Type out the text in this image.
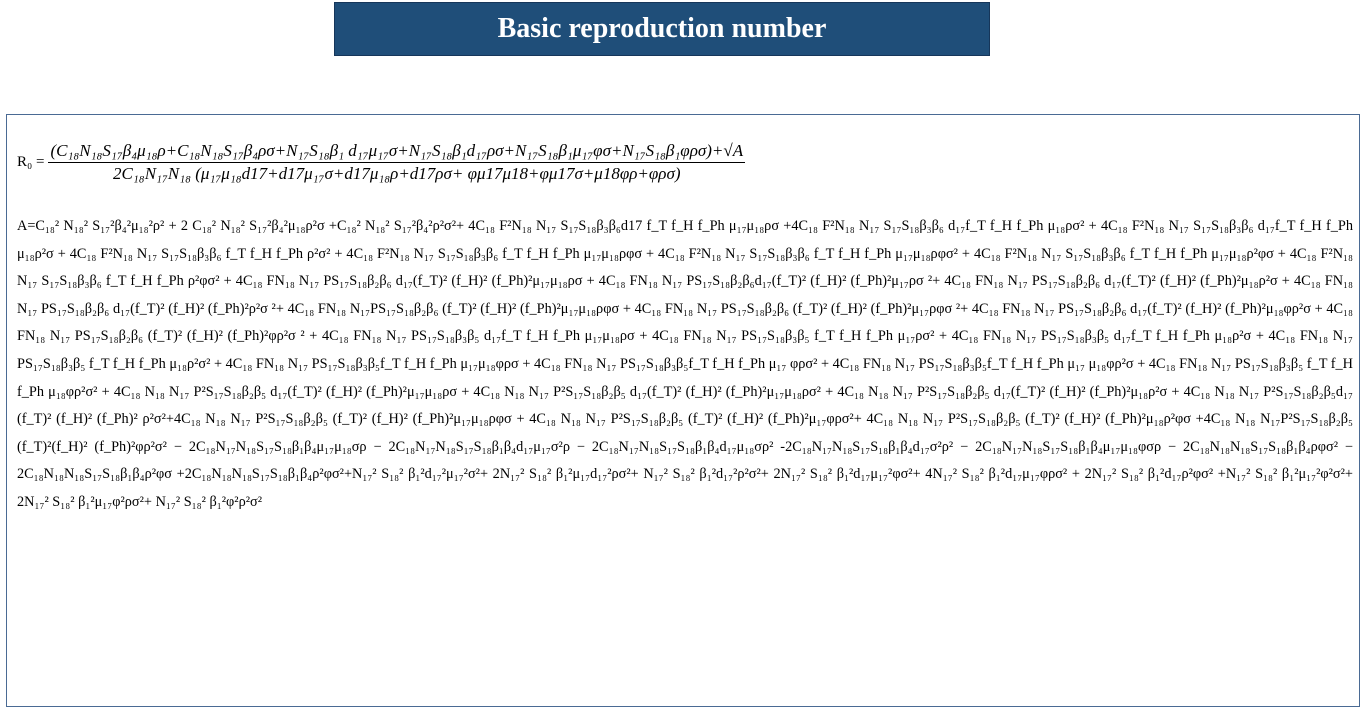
Basic reproduction number
R₀ =
(C₁₈N₁₈S₁₇β₄μ₁₈ρ+C₁₈N₁₈S₁₇β₄ρσ+N₁₇S₁₈β₁ d₁₇μ₁₇σ+N₁₇S₁₈β₁d₁₇ρσ+N₁₇S₁₈β₁μ₁₇φσ+N₁₇S₁₈β₁φρσ)+√A
2C₁₈N₁₇N₁₈ (μ₁₇μ₁₈d17+d17μ₁₇σ+d17μ₁₈ρ+d17ρσ+ φμ17μ18+φμ17σ+μ18φρ+φρσ)
A=C₁₈² N₁₈² S₁₇²β₄²μ₁₈²ρ² + 2 C₁₈² N₁₈² S₁₇²β₄²μ₁₈ρ²σ +C₁₈² N₁₈² S₁₇²β₄²ρ²σ²+ 4C₁₈ F²N₁₈ N₁₇ S₁₇S₁₈β₃β₆d17 f_T f_H f_Ph μ₁₇μ₁₈ρσ +4C₁₈ F²N₁₈ N₁₇ S₁₇S₁₈β₃β₆ d₁₇f_T f_H f_Ph μ₁₈ρσ² + 4C₁₈ F²N₁₈ N₁₇ S₁₇S₁₈β₃β₆ d₁₇f_T f_H f_Ph μ₁₈ρ²σ + 4C₁₈ F²N₁₈ N₁₇ S₁₇S₁₈β₃β₆ f_T f_H f_Ph ρ²σ² + 4C₁₈ F²N₁₈ N₁₇ S₁₇S₁₈β₃β₆ f_T f_H f_Ph μ₁₇μ₁₈ρφσ + 4C₁₈ F²N₁₈ N₁₇ S₁₇S₁₈β₃β₆ f_T f_H f_Ph μ₁₇μ₁₈ρφσ² + 4C₁₈ F²N₁₈ N₁₇ S₁₇S₁₈β₃β₆ f_T f_H f_Ph μ₁₇μ₁₈ρ²φσ + 4C₁₈ F²N₁₈ N₁₇ S₁₇S₁₈β₃β₆ f_T f_H f_Ph ρ²φσ² + 4C₁₈ FN₁₈ N₁₇ PS₁₇S₁₈β₂β₆ d₁₇(f_T)² (f_H)² (f_Ph)²μ₁₇μ₁₈ρσ + 4C₁₈ FN₁₈ N₁₇ PS₁₇S₁₈β₂β₆d₁₇(f_T)² (f_H)² (f_Ph)²μ₁₇ρσ ²+ 4C₁₈ FN₁₈ N₁₇ PS₁₇S₁₈β₂β₆ d₁₇(f_T)² (f_H)² (f_Ph)²μ₁₈ρ²σ + 4C₁₈ FN₁₈ N₁₇ PS₁₇S₁₈β₂β₆ d₁₇(f_T)² (f_H)² (f_Ph)²ρ²σ ²+ 4C₁₈ FN₁₈ N₁₇PS₁₇S₁₈β₂β₆ (f_T)² (f_H)² (f_Ph)²μ₁₇μ₁₈ρφσ + 4C₁₈ FN₁₈ N₁₇ PS₁₇S₁₈β₂β₆ (f_T)² (f_H)² (f_Ph)²μ₁₇ρφσ ²+ 4C₁₈ FN₁₈ N₁₇ PS₁₇S₁₈β₂β₆ d₁₇(f_T)² (f_H)² (f_Ph)²μ₁₈φρ²σ + 4C₁₈ FN₁₈ N₁₇ PS₁₇S₁₈β₂β₆ (f_T)² (f_H)² (f_Ph)²φρ²σ ² + 4C₁₈ FN₁₈ N₁₇ PS₁₇S₁₈β₃β₅ d₁₇f_T f_H f_Ph μ₁₇μ₁₈ρσ + 4C₁₈ FN₁₈ N₁₇ PS₁₇S₁₈β₃β₅ f_T f_H f_Ph μ₁₇ρσ² + 4C₁₈ FN₁₈ N₁₇ PS₁₇S₁₈β₃β₅ d₁₇f_T f_H f_Ph μ₁₈ρ²σ + 4C₁₈ FN₁₈ N₁₇ PS₁₇S₁₈β₃β₅ f_T f_H f_Ph μ₁₈ρ²σ² + 4C₁₈ FN₁₈ N₁₇ PS₁₇S₁₈β₃β₅f_T f_H f_Ph μ₁₇μ₁₈φρσ + 4C₁₈ FN₁₈ N₁₇ PS₁₇S₁₈β₃β₅f_T f_H f_Ph μ₁₇ φρσ² + 4C₁₈ FN₁₈ N₁₇ PS₁₇S₁₈β₃β₅f_T f_H f_Ph μ₁₇ μ₁₈φρ²σ + 4C₁₈ FN₁₈ N₁₇ PS₁₇S₁₈β₃β₅ f_T f_H f_Ph μ₁₈φρ²σ² + 4C₁₈ N₁₈ N₁₇ P²S₁₇S₁₈β₂β₅ d₁₇(f_T)² (f_H)² (f_Ph)²μ₁₇μ₁₈ρσ + 4C₁₈ N₁₈ N₁₇ P²S₁₇S₁₈β₂β₅ d₁₇(f_T)² (f_H)² (f_Ph)²μ₁₇μ₁₈ρσ² + 4C₁₈ N₁₈ N₁₇ P²S₁₇S₁₈β₂β₅ d₁₇(f_T)² (f_H)² (f_Ph)²μ₁₈ρ²σ + 4C₁₈ N₁₈ N₁₇ P²S₁₇S₁₈β₂β₅d₁₇ (f_T)² (f_H)² (f_Ph)² ρ²σ²+4C₁₈ N₁₈ N₁₇ P²S₁₇S₁₈β₂β₅ (f_T)² (f_H)² (f_Ph)²μ₁₇μ₁₈ρφσ + 4C₁₈ N₁₈ N₁₇ P²S₁₇S₁₈β₂β₅ (f_T)² (f_H)² (f_Ph)²μ₁₇φρσ²+ 4C₁₈ N₁₈ N₁₇ P²S₁₇S₁₈β₂β₅ (f_T)² (f_H)² (f_Ph)²μ₁₈ρ²φσ +4C₁₈ N₁₈ N₁₇P²S₁₇S₁₈β₂β₅ (f_T)²(f_H)² (f_Ph)²φρ²σ² − 2C₁₈N₁₇N₁₈S₁₇S₁₈β₁β₄μ₁₇μ₁₈σρ − 2C₁₈N₁₇N₁₈S₁₇S₁₈β₁β₄d₁₇μ₁₇σ²ρ − 2C₁₈N₁₇N₁₈S₁₇S₁₈β₁β₄d₁₇μ₁₈σρ² -2C₁₈N₁₇N₁₈S₁₇S₁₈β₁β₄d₁₇σ²ρ² − 2C₁₈N₁₇N₁₈S₁₇S₁₈β₁β₄μ₁₇μ₁₈φσρ − 2C₁₈N₁₈N₁₈S₁₇S₁₈β₁β₄ρφσ² − 2C₁₈N₁₈N₁₈S₁₇S₁₈β₁β₄ρ²φσ +2C₁₈N₁₈N₁₈S₁₇S₁₈β₁β₄ρ²φσ²+N₁₇² S₁₈² β₁²d₁₇²μ₁₇²σ²+ 2N₁₇² S₁₈² β₁²μ₁₇d₁₇²ρσ²+ N₁₇² S₁₈² β₁²d₁₇²ρ²σ²+ 2N₁₇² S₁₈² β₁²d₁₇μ₁₇²φσ²+ 4N₁₇² S₁₈² β₁²d₁₇μ₁₇φρσ² + 2N₁₇² S₁₈² β₁²d₁₇ρ²φσ² +N₁₇² S₁₈² β₁²μ₁₇²φ²σ²+ 2N₁₇² S₁₈² β₁²μ₁₇φ²ρσ²+ N₁₇² S₁₈² β₁²φ²ρ²σ²
